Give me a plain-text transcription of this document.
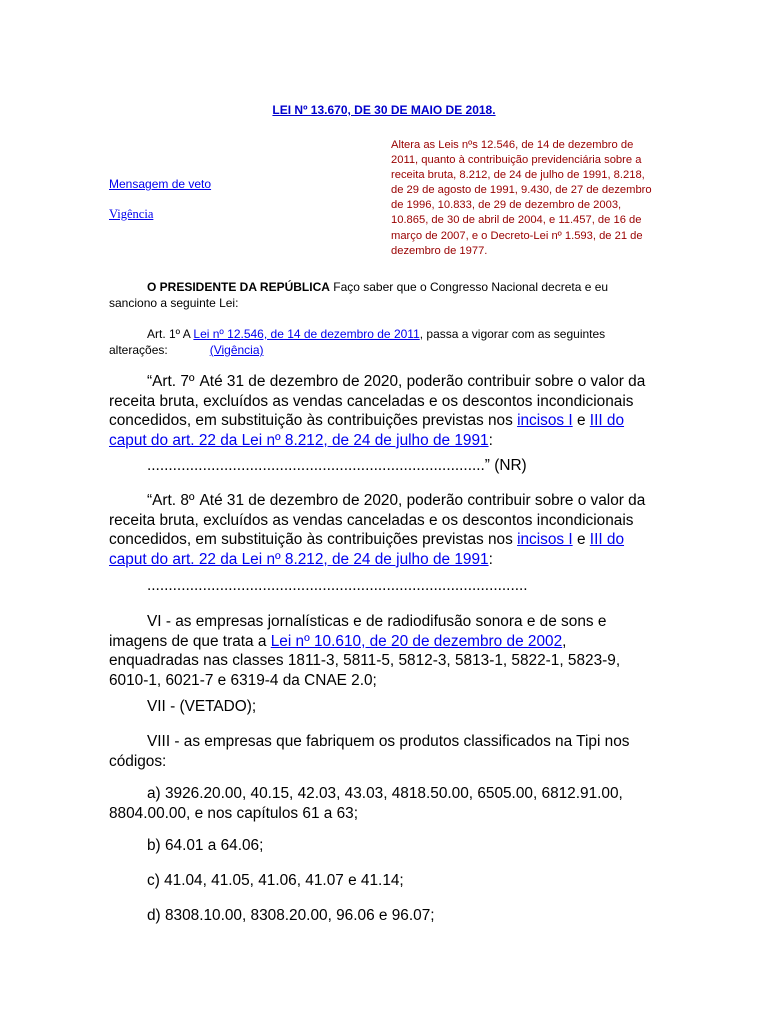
LEI Nº 13.670, DE 30 DE MAIO DE 2018.
Altera as Leis nºs 12.546, de 14 de dezembro de 2011, quanto à contribuição previdenciária sobre a receita bruta, 8.212, de 24 de julho de 1991, 8.218, de 29 de agosto de 1991, 9.430, de 27 de dezembro de 1996, 10.833, de 29 de dezembro de 2003, 10.865, de 30 de abril de 2004, e 11.457, de 16 de março de 2007, e o Decreto-Lei nº 1.593, de 21 de dezembro de 1977.
Mensagem de veto
Vigência
O PRESIDENTE DA REPÚBLICA Faço saber que o Congresso Nacional decreta e eu sanciono a seguinte Lei:
Art. 1º A Lei nº 12.546, de 14 de dezembro de 2011, passa a vigorar com as seguintes alterações:	(Vigência)
“Art. 7º Até 31 de dezembro de 2020, poderão contribuir sobre o valor da receita bruta, excluídos as vendas canceladas e os descontos incondicionais concedidos, em substituição às contribuições previstas nos incisos I e III do caput do art. 22 da Lei nº 8.212, de 24 de julho de 1991:
...............................................................................” (NR)
“Art. 8º Até 31 de dezembro de 2020, poderão contribuir sobre o valor da receita bruta, excluídos as vendas canceladas e os descontos incondicionais concedidos, em substituição às contribuições previstas nos incisos I e III do caput do art. 22 da Lei nº 8.212, de 24 de julho de 1991:
.........................................................................................
VI - as empresas jornalísticas e de radiodifusão sonora e de sons e imagens de que trata a Lei nº 10.610, de 20 de dezembro de 2002, enquadradas nas classes 1811-3, 5811-5, 5812-3, 5813-1, 5822-1, 5823-9, 6010-1, 6021-7 e 6319-4 da CNAE 2.0;
VII - (VETADO);
VIII - as empresas que fabriquem os produtos classificados na Tipi nos códigos:
a) 3926.20.00, 40.15, 42.03, 43.03, 4818.50.00, 6505.00, 6812.91.00, 8804.00.00, e nos capítulos 61 a 63;
b) 64.01 a 64.06;
c) 41.04, 41.05, 41.06, 41.07 e 41.14;
d) 8308.10.00, 8308.20.00, 96.06 e 96.07;
